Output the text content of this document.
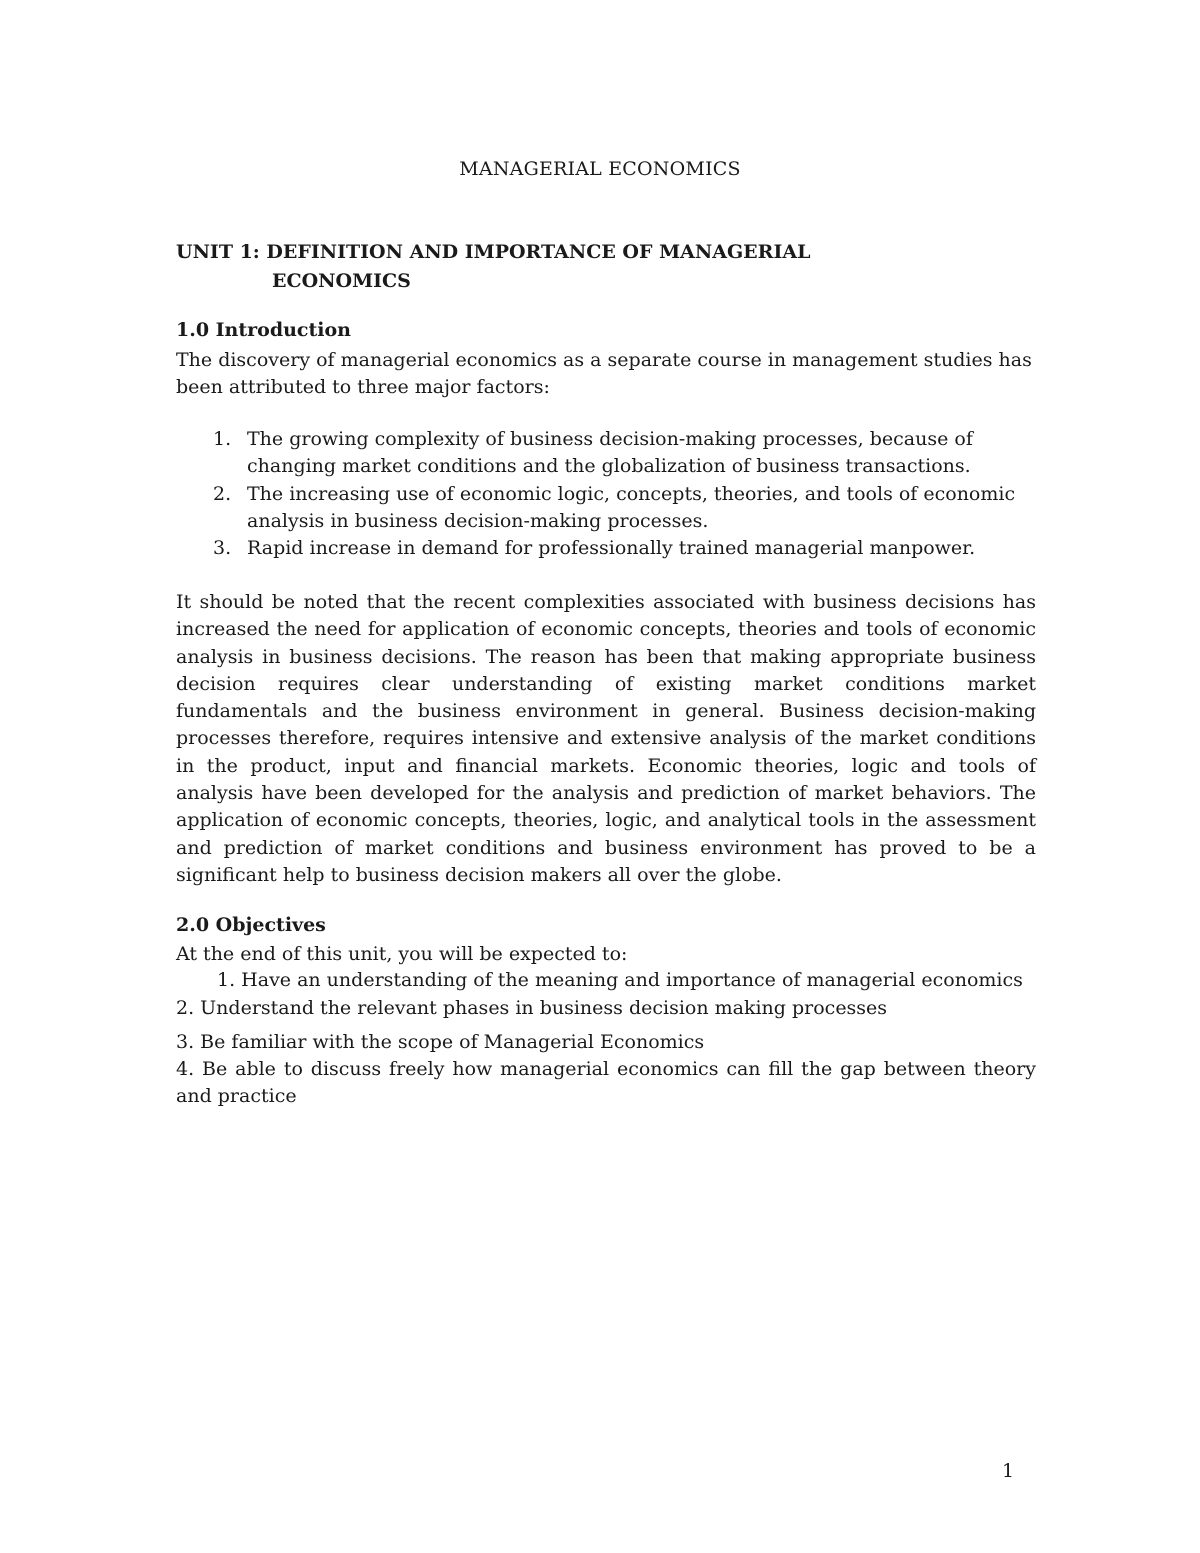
MANAGERIAL ECONOMICS
UNIT 1: DEFINITION AND IMPORTANCE OF MANAGERIAL
ECONOMICS
1.0 Introduction
The discovery of managerial economics as a separate course in management studies has been attributed to three major factors:
1. The growing complexity of business decision-making processes, because of changing market conditions and the globalization of business transactions.
2. The increasing use of economic logic, concepts, theories, and tools of economic analysis in business decision-making processes.
3. Rapid increase in demand for professionally trained managerial manpower.
It should be noted that the recent complexities associated with business decisions has increased the need for application of economic concepts, theories and tools of economic analysis in business decisions. The reason has been that making appropriate business decision requires clear understanding of existing market conditions market fundamentals and the business environment in general. Business decision-making processes therefore, requires intensive and extensive analysis of the market conditions in the product, input and financial markets. Economic theories, logic and tools of analysis have been developed for the analysis and prediction of market behaviors. The application of economic concepts, theories, logic, and analytical tools in the assessment and prediction of market conditions and business environment has proved to be a significant help to business decision makers all over the globe.
2.0 Objectives
At the end of this unit, you will be expected to:
1. Have an understanding of the meaning and importance of managerial economics
2. Understand the relevant phases in business decision making processes
3. Be familiar with the scope of Managerial Economics
4. Be able to discuss freely how managerial economics can fill the gap between theory and practice
1
